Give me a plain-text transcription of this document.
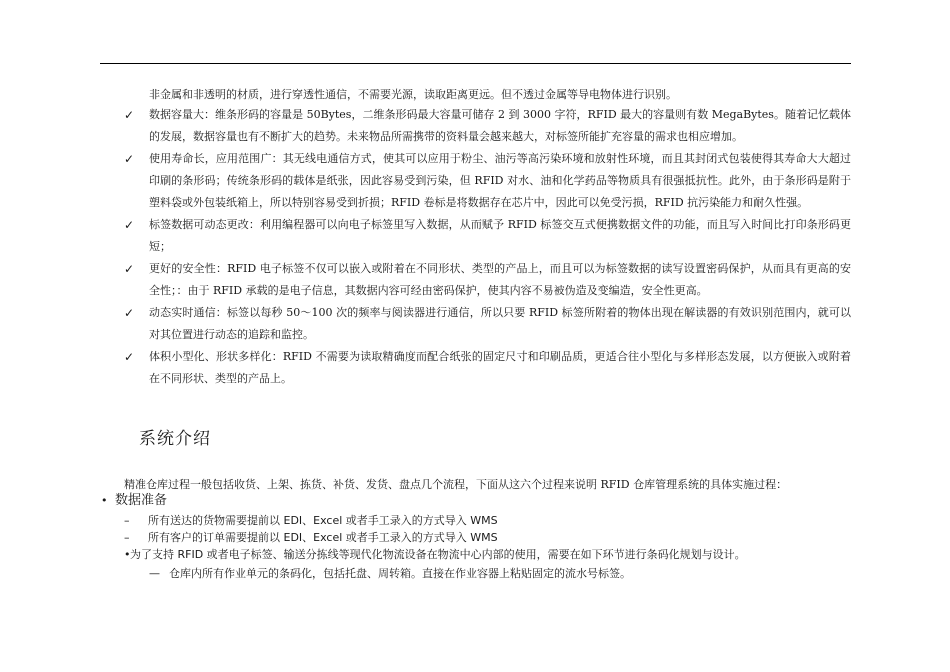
非金属和非透明的材质，进行穿透性通信，不需要光源，读取距离更远。但不透过金属等导电物体进行识别。
✓ 数据容量大：维条形码的容量是 50Bytes，二维条形码最大容量可储存 2 到 3000 字符，RFID 最大的容量则有数 MegaBytes。随着记忆载体的发展，数据容量也有不断扩大的趋势。未来物品所需携带的资料量会越来越大，对标签所能扩充容量的需求也相应增加。
✓ 使用寿命长，应用范围广：其无线电通信方式，使其可以应用于粉尘、油污等高污染环境和放射性环境，而且其封闭式包装使得其寿命大大超过印刷的条形码；传统条形码的载体是纸张，因此容易受到污染，但 RFID 对水、油和化学药品等物质具有很强抵抗性。此外，由于条形码是附于塑料袋或外包装纸箱上，所以特别容易受到折损；RFID 卷标是将数据存在芯片中，因此可以免受污损，RFID 抗污染能力和耐久性强。
✓ 标签数据可动态更改：利用编程器可以向电子标签里写入数据，从而赋予 RFID 标签交互式便携数据文件的功能，而且写入时间比打印条形码更短；
✓ 更好的安全性：RFID 电子标签不仅可以嵌入或附着在不同形状、类型的产品上，而且可以为标签数据的读写设置密码保护，从而具有更高的安全性；：由于 RFID 承载的是电子信息，其数据内容可经由密码保护，使其内容不易被伪造及变编造，安全性更高。
✓ 动态实时通信：标签以每秒 50～100 次的频率与阅读器进行通信，所以只要 RFID 标签所附着的物体出现在解读器的有效识别范围内，就可以对其位置进行动态的追踪和监控。
✓ 体积小型化、形状多样化：RFID 不需要为读取精确度而配合纸张的固定尺寸和印刷品质，更适合往小型化与多样形态发展，以方便嵌入或附着在不同形状、类型的产品上。
系统介绍
精准仓库过程一般包括收货、上架、拣货、补货、发货、盘点几个流程，下面从这六个过程来说明 RFID 仓库管理系统的具体实施过程：
• 数据准备
– 所有送达的货物需要提前以 EDI、Excel 或者手工录入的方式导入 WMS
– 所有客户的订单需要提前以 EDI、Excel 或者手工录入的方式导入 WMS
•为了支持 RFID 或者电子标签、输送分拣线等现代化物流设备在物流中心内部的使用，需要在如下环节进行条码化规划与设计。
— 仓库内所有作业单元的条码化，包括托盘、周转箱。直接在作业容器上粘贴固定的流水号标签。
